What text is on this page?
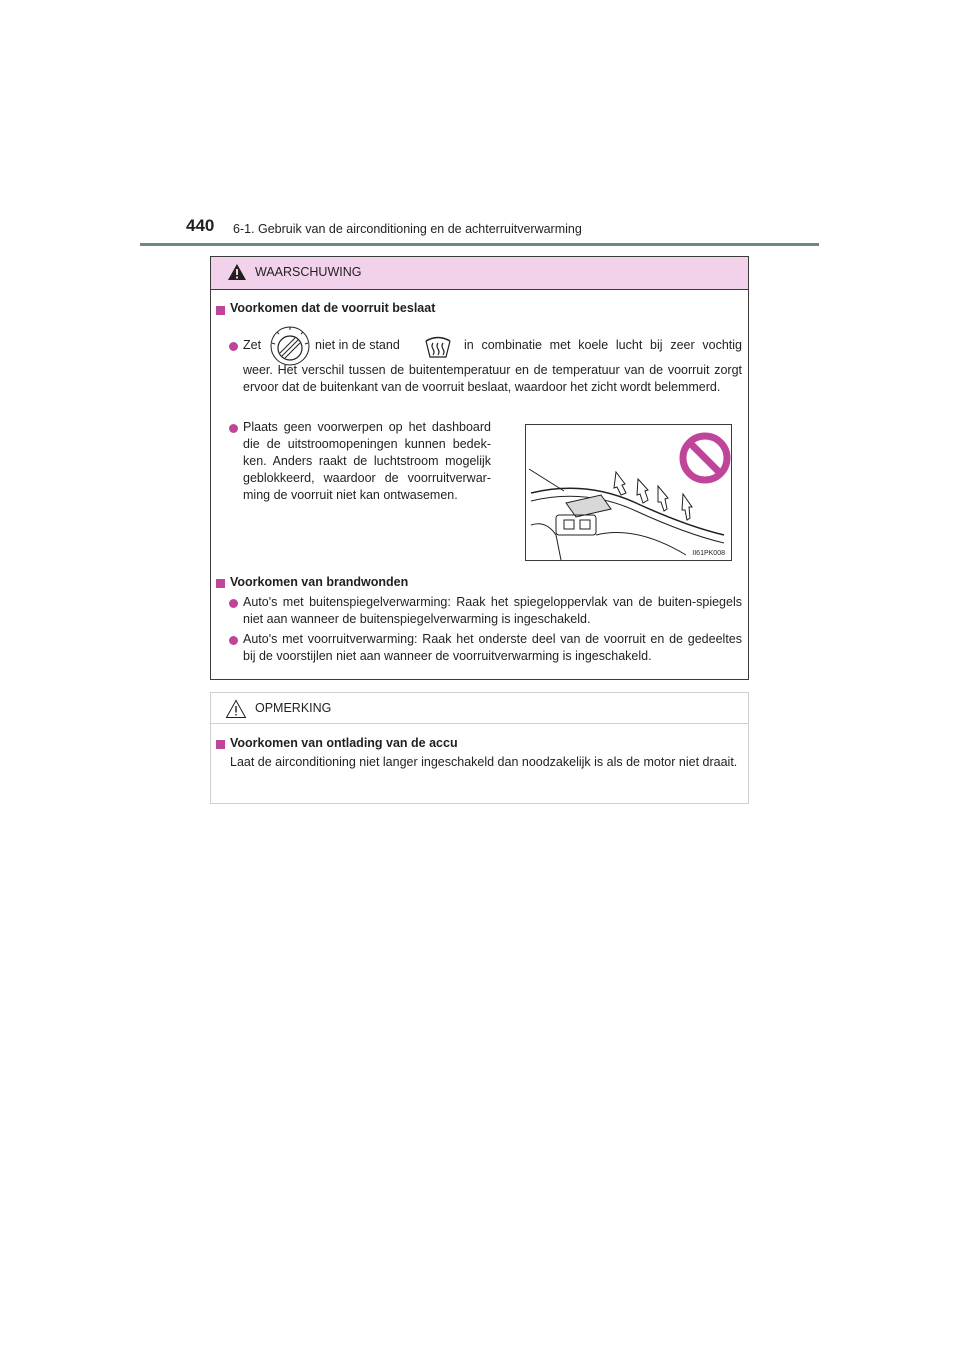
440 6-1. Gebruik van de airconditioning en de achterruitverwarming
WAARSCHUWING
Voorkomen dat de voorruit beslaat
Zet	niet in de stand	in combinatie met koele lucht bij zeer vochtig
weer. Het verschil tussen de buitentemperatuur en de temperatuur van de voorruit zorgt ervoor dat de buitenkant van de voorruit beslaat, waardoor het zicht wordt belemmerd.
Plaats geen voorwerpen op het dashboard die de uitstroomopeningen kunnen bedek-ken. Anders raakt de luchtstroom mogelijk geblokkeerd, waardoor de voorruitverwar-ming de voorruit niet kan ontwasemen.
Voorkomen van brandwonden
Auto's met buitenspiegelverwarming: Raak het spiegeloppervlak van de buiten-spiegels niet aan wanneer de buitenspiegelverwarming is ingeschakeld.
Auto's met voorruitverwarming: Raak het onderste deel van de voorruit en de gedeeltes bij de voorstijlen niet aan wanneer de voorruitverwarming is ingeschakeld.
II61PK008
OPMERKING
Voorkomen van ontlading van de accu
Laat de airconditioning niet langer ingeschakeld dan noodzakelijk is als de motor niet draait.
